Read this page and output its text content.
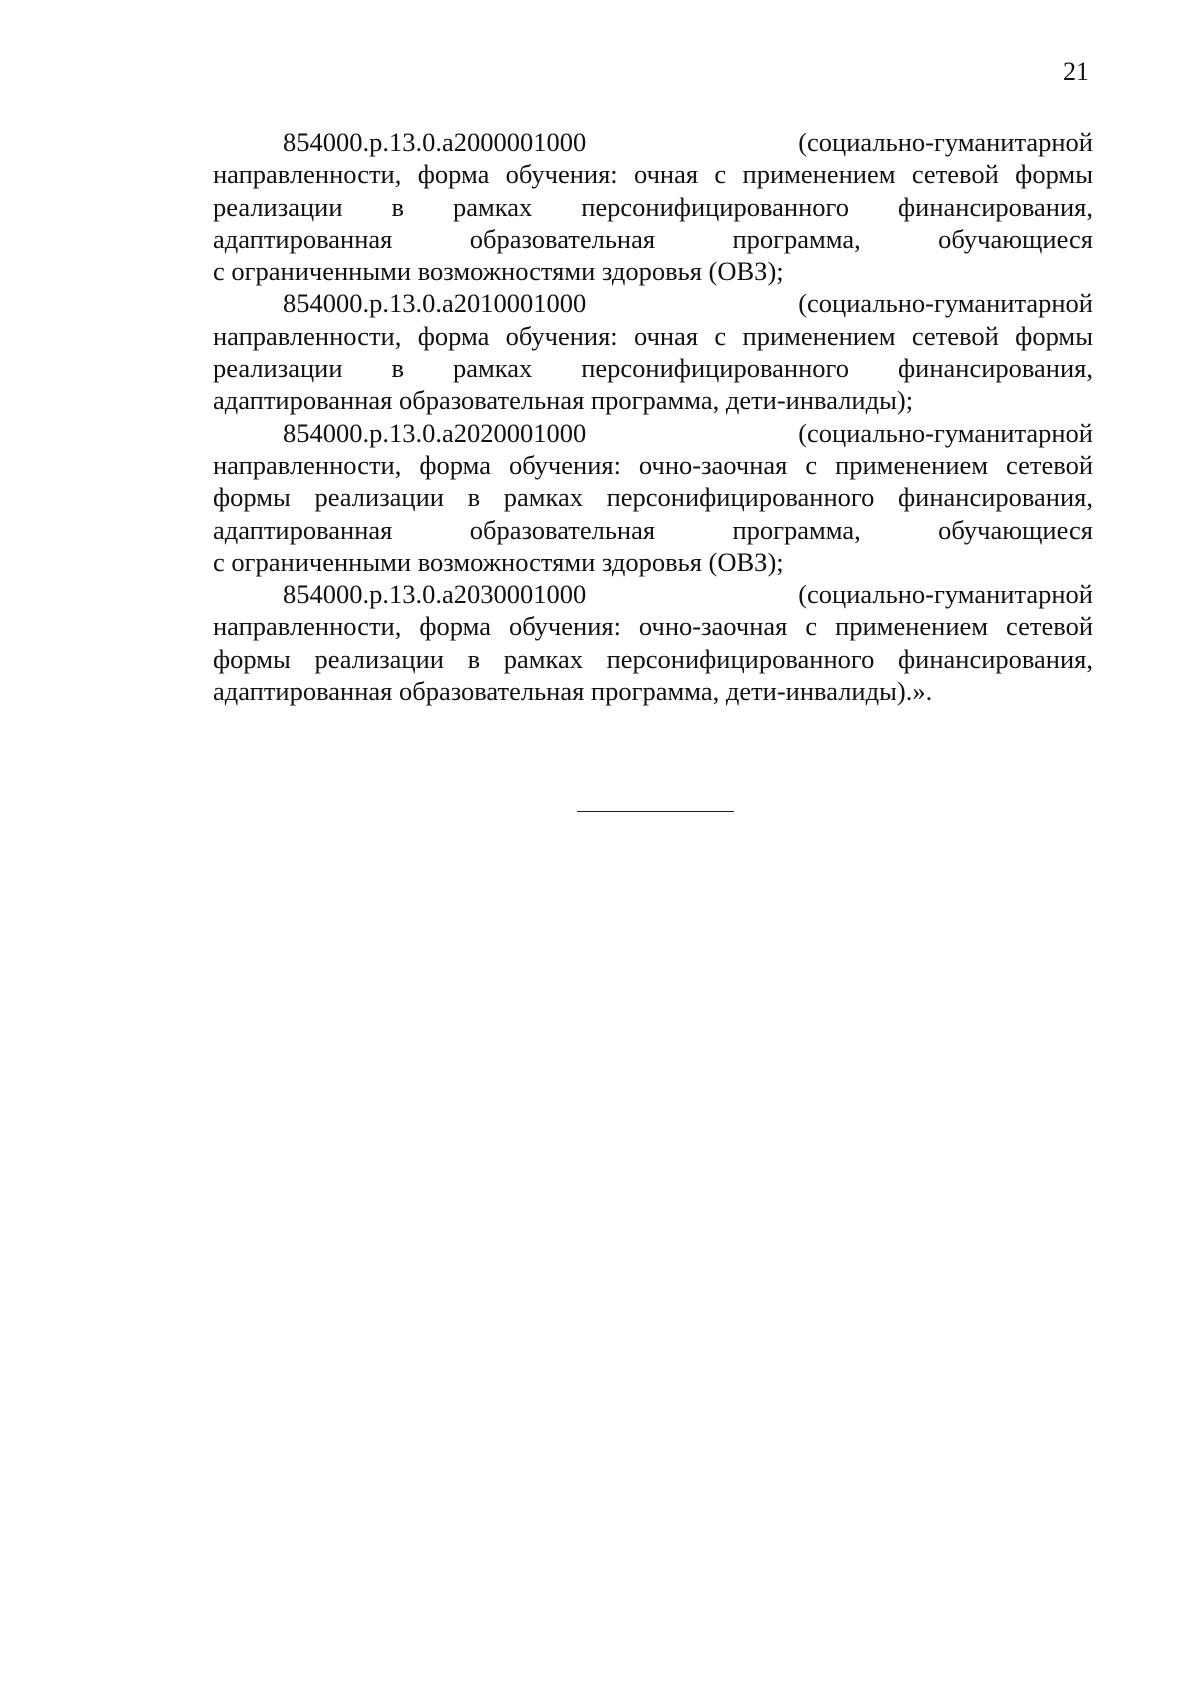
21
854000.р.13.0.а2000001000 (социально-гуманитарной
направленности, форма обучения: очная с применением сетевой формы
реализации в рамках персонифицированного финансирования,
адаптированная образовательная программа, обучающиеся
с ограниченными возможностями здоровья (ОВЗ);
854000.р.13.0.а2010001000 (социально-гуманитарной
направленности, форма обучения: очная с применением сетевой формы
реализации в рамках персонифицированного финансирования,
адаптированная образовательная программа, дети-инвалиды);
854000.р.13.0.а2020001000 (социально-гуманитарной
направленности, форма обучения: очно-заочная с применением сетевой
формы реализации в рамках персонифицированного финансирования,
адаптированная образовательная программа, обучающиеся
с ограниченными возможностями здоровья (ОВЗ);
854000.р.13.0.а2030001000 (социально-гуманитарной
направленности, форма обучения: очно-заочная с применением сетевой
формы реализации в рамках персонифицированного финансирования,
адаптированная образовательная программа, дети-инвалиды).».
